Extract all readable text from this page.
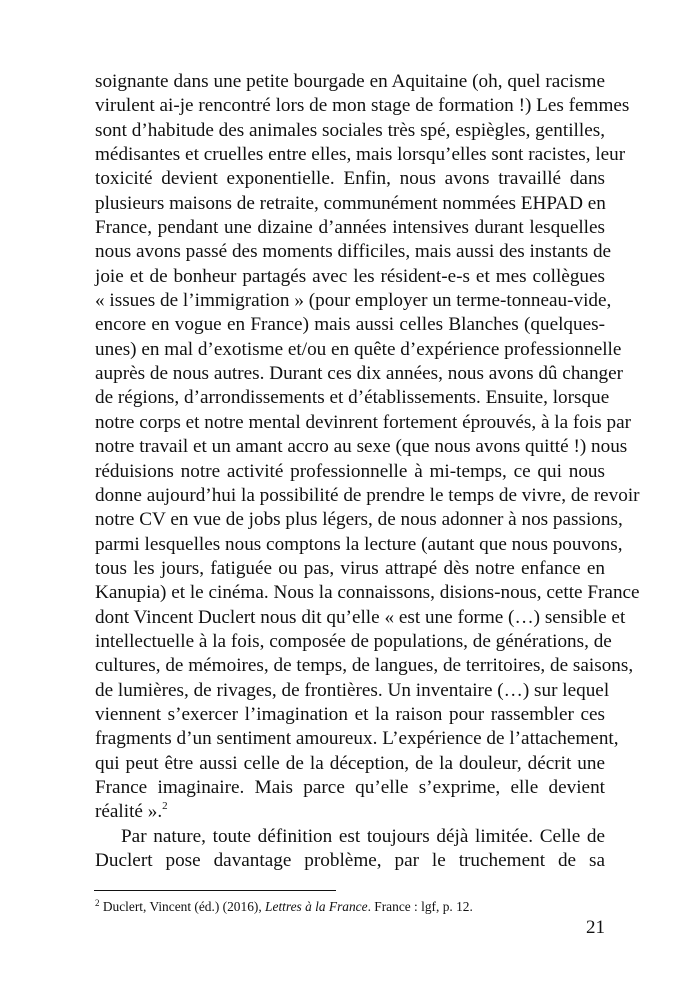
soignante dans une petite bourgade en Aquitaine (oh, quel racisme
virulent ai-je rencontré lors de mon stage de formation !) Les femmes
sont d’habitude des animales sociales très spé, espiègles, gentilles,
médisantes et cruelles entre elles, mais lorsqu’elles sont racistes, leur
toxicité devient exponentielle. Enfin, nous avons travaillé dans
plusieurs maisons de retraite, communément nommées EHPAD en
France, pendant une dizaine d’années intensives durant lesquelles
nous avons passé des moments difficiles, mais aussi des instants de
joie et de bonheur partagés avec les résident-e-s et mes collègues
« issues de l’immigration » (pour employer un terme-tonneau-vide,
encore en vogue en France) mais aussi celles Blanches (quelques-
unes) en mal d’exotisme et/ou en quête d’expérience professionnelle
auprès de nous autres. Durant ces dix années, nous avons dû changer
de régions, d’arrondissements et d’établissements. Ensuite, lorsque
notre corps et notre mental devinrent fortement éprouvés, à la fois par
notre travail et un amant accro au sexe (que nous avons quitté !) nous
réduisions notre activité professionnelle à mi-temps, ce qui nous
donne aujourd’hui la possibilité de prendre le temps de vivre, de revoir
notre CV en vue de jobs plus légers, de nous adonner à nos passions,
parmi lesquelles nous comptons la lecture (autant que nous pouvons,
tous les jours, fatiguée ou pas, virus attrapé dès notre enfance en
Kanupia) et le cinéma. Nous la connaissons, disions-nous, cette France
dont Vincent Duclert nous dit qu’elle « est une forme (…) sensible et
intellectuelle à la fois, composée de populations, de générations, de
cultures, de mémoires, de temps, de langues, de territoires, de saisons,
de lumières, de rivages, de frontières. Un inventaire (…) sur lequel
viennent s’exercer l’imagination et la raison pour rassembler ces
fragments d’un sentiment amoureux. L’expérience de l’attachement,
qui peut être aussi celle de la déception, de la douleur, décrit une
France imaginaire. Mais parce qu’elle s’exprime, elle devient
réalité ».$^2$
Par nature, toute définition est toujours déjà limitée. Celle de
Duclert pose davantage problème, par le truchement de sa
$^2$ Duclert, Vincent (éd.) (2016), Lettres à la France. France : lgf, p. 12.
21
